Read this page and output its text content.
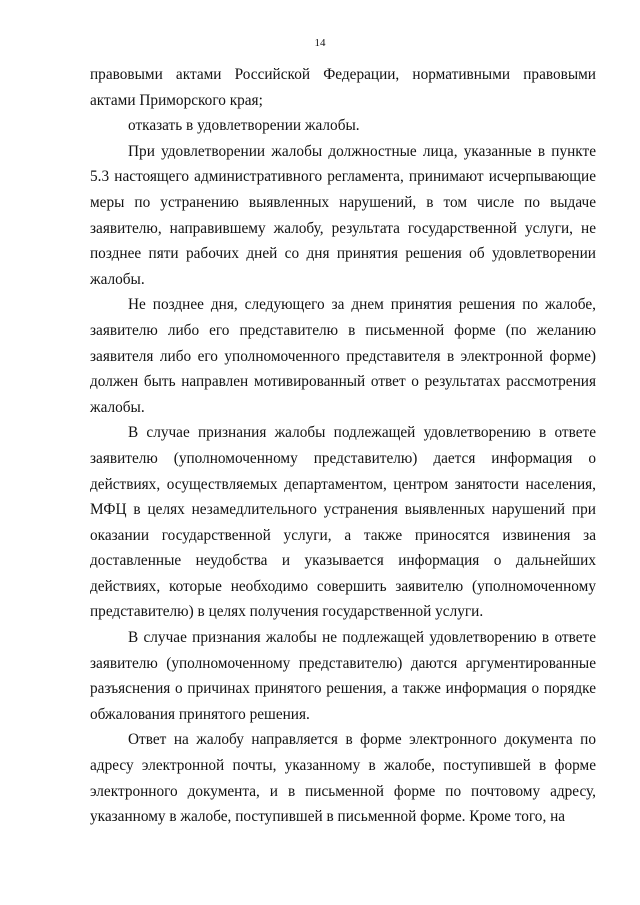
14

правовыми актами Российской Федерации, нормативными правовыми актами Приморского края;

отказать в удовлетворении жалобы.

При удовлетворении жалобы должностные лица, указанные в пункте 5.3 настоящего административного регламента, принимают исчерпывающие меры по устранению выявленных нарушений, в том числе по выдаче заявителю, направившему жалобу, результата государственной услуги, не позднее пяти рабочих дней со дня принятия решения об удовлетворении жалобы.

Не позднее дня, следующего за днем принятия решения по жалобе, заявителю либо его представителю в письменной форме (по желанию заявителя либо его уполномоченного представителя в электронной форме) должен быть направлен мотивированный ответ о результатах рассмотрения жалобы.

В случае признания жалобы подлежащей удовлетворению в ответе заявителю (уполномоченному представителю) дается информация о действиях, осуществляемых департаментом, центром занятости населения, МФЦ в целях незамедлительного устранения выявленных нарушений при оказании государственной услуги, а также приносятся извинения за доставленные неудобства и указывается информация о дальнейших действиях, которые необходимо совершить заявителю (уполномоченному представителю) в целях получения государственной услуги.

В случае признания жалобы не подлежащей удовлетворению в ответе заявителю (уполномоченному представителю) даются аргументированные разъяснения о причинах принятого решения, а также информация о порядке обжалования принятого решения.

Ответ на жалобу направляется в форме электронного документа по адресу электронной почты, указанному в жалобе, поступившей в форме электронного документа, и в письменной форме по почтовому адресу, указанному в жалобе, поступившей в письменной форме. Кроме того, на
